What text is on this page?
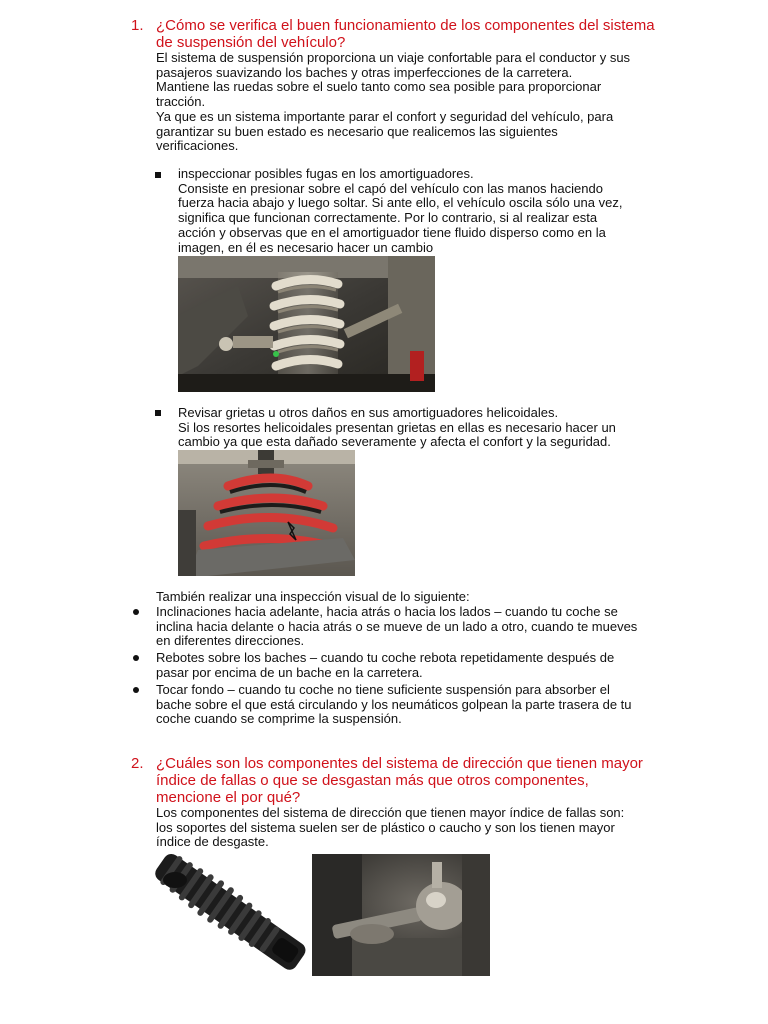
1. ¿Cómo se verifica el buen funcionamiento de los componentes del sistema de suspensión del vehículo?
El sistema de suspensión proporciona un viaje confortable para el conductor y sus
pasajeros suavizando los baches y otras imperfecciones de la carretera.
Mantiene las ruedas sobre el suelo tanto como sea posible para proporcionar
tracción.
Ya que es un sistema importante parar el confort y seguridad del vehículo, para
garantizar su buen estado es necesario que realicemos las siguientes
verificaciones.
inspeccionar posibles fugas en los amortiguadores.
Consiste en presionar sobre el capó del vehículo con las manos haciendo
fuerza hacia abajo y luego soltar. Si ante ello, el vehículo oscila sólo una vez,
significa que funcionan correctamente. Por lo contrario, si al realizar esta
acción y observas que en el amortiguador tiene fluido disperso como en la
imagen, en él es necesario hacer un cambio
Revisar grietas u otros daños en sus amortiguadores helicoidales.
Si los resortes helicoidales presentan grietas en ellas es necesario hacer un
cambio ya que esta dañado severamente y afecta el confort y la seguridad.
También realizar una inspección visual de lo siguiente:
Inclinaciones hacia adelante, hacia atrás o hacia los lados – cuando tu coche se
inclina hacia delante o hacia atrás o se mueve de un lado a otro, cuando te mueves
en diferentes direcciones.
Rebotes sobre los baches – cuando tu coche rebota repetidamente después de
pasar por encima de un bache en la carretera.
Tocar fondo – cuando tu coche no tiene suficiente suspensión para absorber el
bache sobre el que está circulando y los neumáticos golpean la parte trasera de tu
coche cuando se comprime la suspensión.
2. ¿Cuáles son los componentes del sistema de dirección que tienen mayor índice de fallas o que se desgastan más que otros componentes, mencione el por qué?
Los componentes del sistema de dirección que tienen mayor índice de fallas son:
los soportes del sistema suelen ser de plástico o caucho y son los tienen mayor
índice de desgaste.
